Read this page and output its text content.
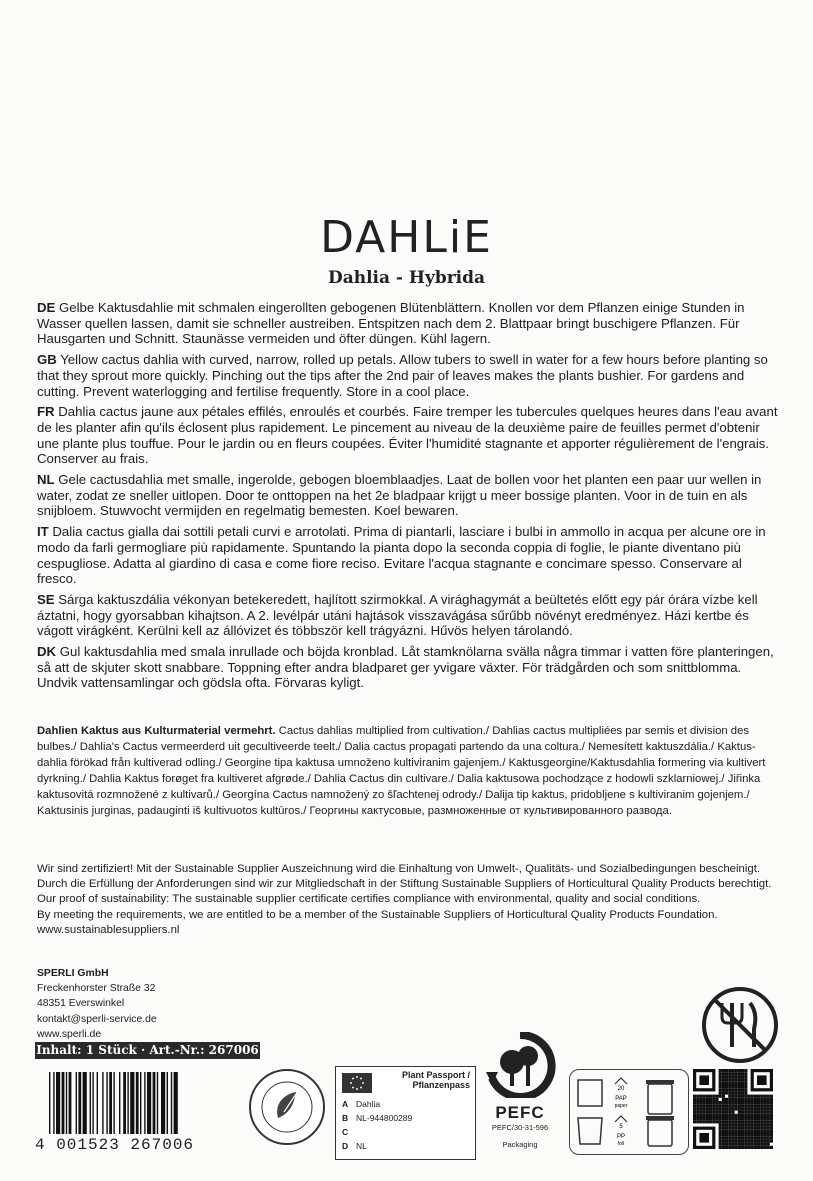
DAHLiE
Dahlia - Hybrida

DE Gelbe Kaktusdahlie mit schmalen eingerollten gebogenen Blütenblättern. Knollen vor dem Pflanzen einige Stunden in Wasser quellen lassen, damit sie schneller austreiben. Entspitzen nach dem 2. Blattpaar bringt buschigere Pflanzen. Für Hausgarten und Schnitt. Staunässe vermeiden und öfter düngen. Kühl lagern.

GB Yellow cactus dahlia with curved, narrow, rolled up petals. Allow tubers to swell in water for a few hours before planting so that they sprout more quickly. Pinching out the tips after the 2nd pair of leaves makes the plants bushier. For gardens and cutting. Prevent waterlogging and fertilise frequently. Store in a cool place.

FR Dahlia cactus jaune aux pétales effilés, enroulés et courbés. Faire tremper les tubercules quelques heures dans l'eau avant de les planter afin qu'ils éclosent plus rapidement. Le pincement au niveau de la deuxième paire de feuilles permet d'obtenir une plante plus touffue. Pour le jardin ou en fleurs coupées. Éviter l'humidité stagnante et apporter régulièrement de l'engrais. Conserver au frais.

NL Gele cactusdahlia met smalle, ingerolde, gebogen bloemblaadjes. Laat de bollen voor het planten een paar uur wellen in water, zodat ze sneller uitlopen. Door te onttoppen na het 2e bladpaar krijgt u meer bossige planten. Voor in de tuin en als snijbloem. Stuwvocht vermijden en regelmatig bemesten. Koel bewaren.

IT Dalia cactus gialla dai sottili petali curvi e arrotolati. Prima di piantarli, lasciare i bulbi in ammollo in acqua per alcune ore in modo da farli germogliare più rapidamente. Spuntando la pianta dopo la seconda coppia di foglie, le piante diventano più cespugliose. Adatta al giardino di casa e come fiore reciso. Evitare l'acqua stagnante e concimare spesso. Conservare al fresco.

SE Sárga kaktuszdália vékonyan betekeredett, hajlított szirmokkal. A virághagymát a beültetés előtt egy pár órára vízbe kell áztatni, hogy gyorsabban kihajtson. A 2. levélpár utáni hajtások visszavágása sűrűbb növényt eredményez. Házi kertbe és vágott virágként. Kerülni kell az állóvizet és többször kell trágyázni. Hűvös helyen tárolandó.

DK Gul kaktusdahlia med smala inrullade och böjda kronblad. Låt stamknölarna svälla några timmar i vatten före planteringen, så att de skjuter skott snabbare. Toppning efter andra bladparet ger yvigare växter. För trädgården och som snittblomma. Undvik vattensamlingar och gödsla ofta. Förvaras kyligt.

Dahlien Kaktus aus Kulturmaterial vermehrt. Cactus dahlias multiplied from cultivation./ Dahlias cactus multipliées par semis et division des bulbes./ Dahlia's Cactus vermeerderd uit gecultiveerde teelt./ Dalia cactus propagati partendo da una coltura./ Nemesített kaktuszdália./ Kaktus-dahlia förökad från kultiverad odling./ Georgine tipa kaktusa umnoženo kultiviranim gajenjem./ Kaktusgeorgine/Kaktusdahlia formering via kultivert dyrkning./ Dahlia Kaktus forøget fra kultiveret afgrøde./ Dahlia Cactus din cultivare./ Dalia kaktusowa pochodzące z hodowli szklarniowej./ Jiřinka kaktusovitá rozmnožené z kultivarů./ Georgína Cactus namnožený zo šľachtenej odrody./ Dalija tip kaktus, pridobljene s kultiviranim gojenjem./ Kaktusinis jurginas, padauginti iš kultivuotos kultūros./ Георгины кактусовые, размноженные от культивированного развода.
Wir sind zertifiziert! Mit der Sustainable Supplier Auszeichnung wird die Einhaltung von Umwelt-, Qualitäts- und Sozialbedingungen bescheinigt.
Durch die Erfüllung der Anforderungen sind wir zur Mitgliedschaft in der Stiftung Sustainable Suppliers of Horticultural Quality Products berechtigt.
Our proof of sustainability: The sustainable supplier certificate certifies compliance with environmental, quality and social conditions.
By meeting the requirements, we are entitled to be a member of the Sustainable Suppliers of Horticultural Quality Products Foundation.
www.sustainablesuppliers.nl
SPERLI GmbH
Freckenhorster Straße 32
48351 Everswinkel
kontakt@sperli-service.de
www.sperli.de
Inhalt: 1 Stück · Art.-Nr.: 267006
4 001523 267006
Plant Passport /
Pflanzenpass
A Dahlia
B NL-944800289
C
D NL
PEFC
PEFC/30-31-596
Packaging
20
PAP
paper
5
PP
foil
